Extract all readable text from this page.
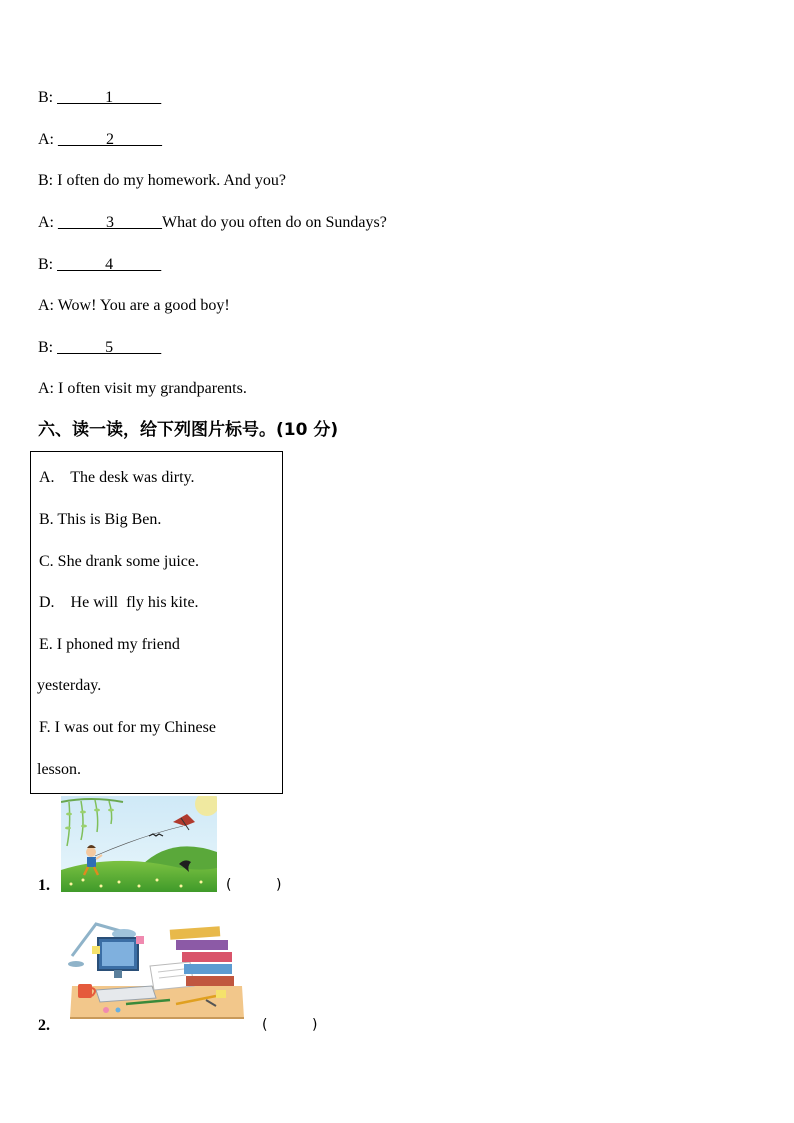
B: ______1______
A: ______2______
B: I often do my homework. And you?
A: ______3______What do you often do on Sundays?
B: ______4______
A: Wow! You are a good boy!
B: ______5______
A: I often visit my grandparents.
六、读一读，给下列图片标号。(10 分)
A.    The desk was dirty.
B. This is Big Ben.
C. She drank some juice.
D.    He will  fly his kite.
E. I phoned my friend
yesterday.
F. I was out for my Chinese
lesson.
1.	(          )
2.	(          )
